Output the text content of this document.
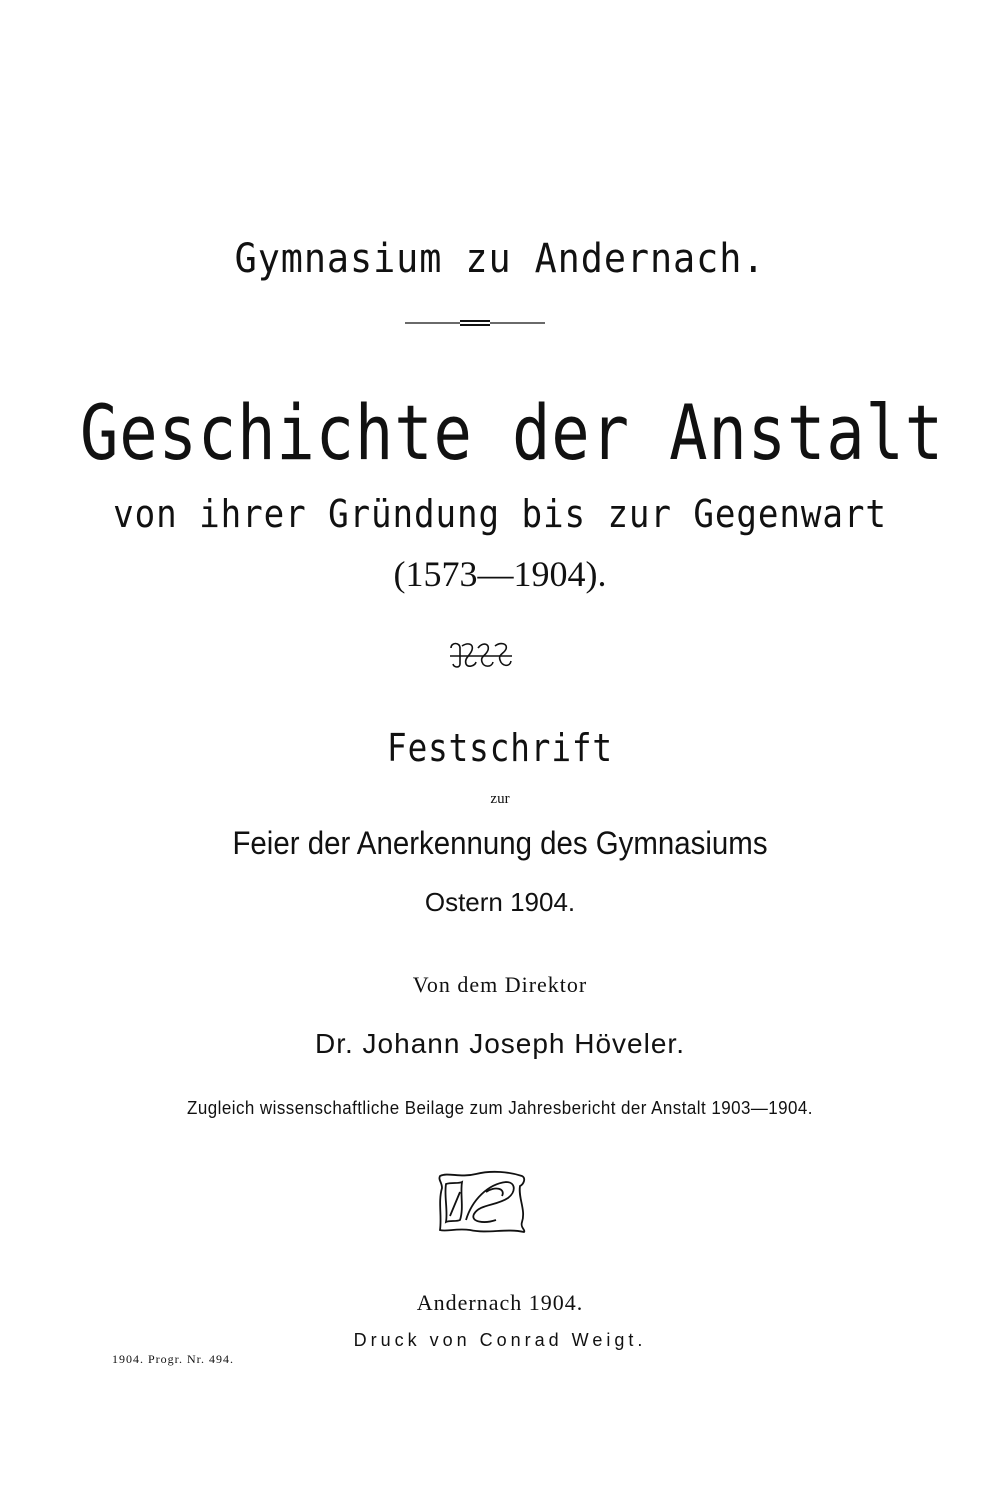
Gymnasium zu Andernach.
Geschichte der Anstalt
von ihrer Gründung bis zur Gegenwart
(1573—1904).
Festschrift
zur
Feier der Anerkennung des Gymnasiums
Ostern 1904.
Von dem Direktor
Dr. Johann Joseph Höveler.
Zugleich wissenschaftliche Beilage zum Jahresbericht der Anstalt 1903—1904.
Andernach 1904.
Druck von Conrad Weigt.
1904. Progr. Nr. 494.
